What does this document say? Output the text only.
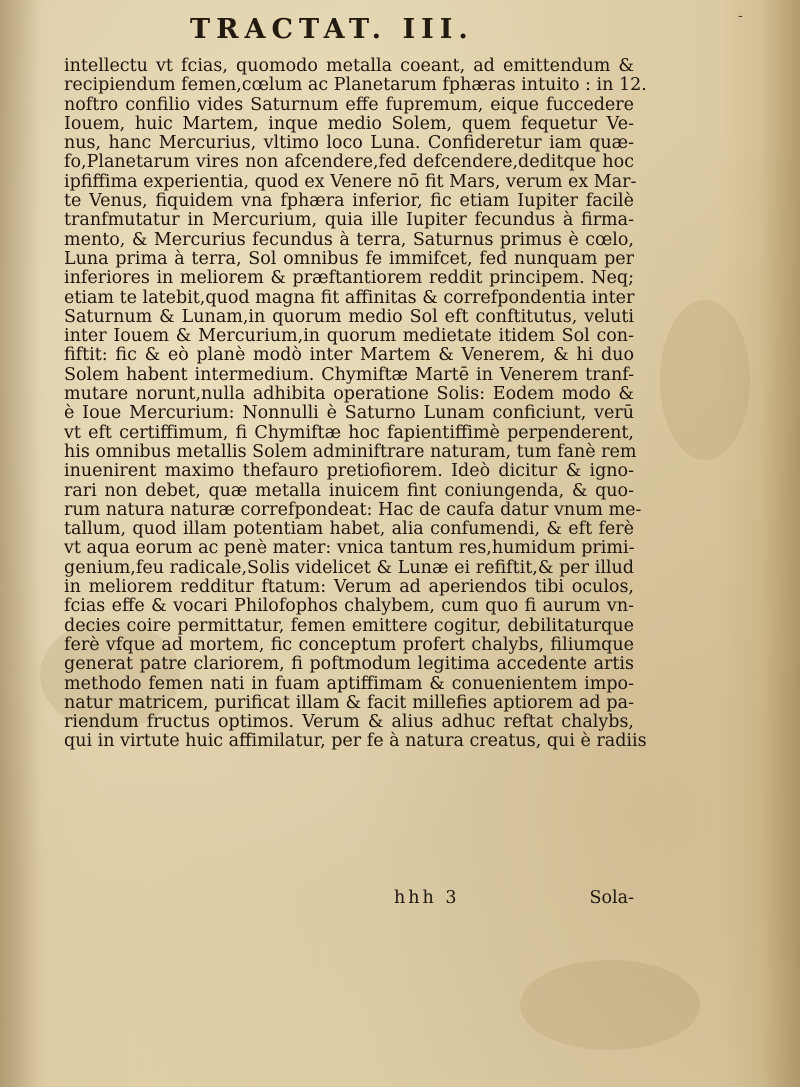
TRACTAT. III.	-
intellectu vt fcias, quomodo metalla coeant, ad emittendum &
recipiendum femen,cœlum ac Planetarum fphæras intuito : in 12.
noftro confilio vides Saturnum effe fupremum, eique fuccedere
Iouem, huic Martem, inque medio Solem, quem fequetur Ve-
nus, hanc Mercurius, vltimo loco Luna. Confideretur iam quæ-
fo,Planetarum vires non afcendere,fed defcendere,deditque hoc
ipfiffima experientia, quod ex Venere nō fit Mars, verum ex Mar-
te Venus, fiquidem vna fphæra inferior, fic etiam Iupiter facilè
tranfmutatur in Mercurium, quia ille Iupiter fecundus à firma-
mento, & Mercurius fecundus à terra, Saturnus primus è cœlo,
Luna prima à terra, Sol omnibus fe immifcet, fed nunquam per
inferiores in meliorem & præftantiorem reddit principem. Neq;
etiam te latebit,quod magna fit affinitas & correfpondentia inter
Saturnum & Lunam,in quorum medio Sol eft conftitutus, veluti
inter Iouem & Mercurium,in quorum medietate itidem Sol con-
fiftit: fic & eò planè modò inter Martem & Venerem, & hi duo
Solem habent intermedium. Chymiftæ Martē in Venerem tranf-
mutare norunt,nulla adhibita operatione Solis: Eodem modo &
è Ioue Mercurium: Nonnulli è Saturno Lunam conficiunt, verū
vt eft certiffimum, fi Chymiftæ hoc fapientiffimè perpenderent,
his omnibus metallis Solem adminiftrare naturam, tum fanè rem
inuenirent maximo thefauro pretiofiorem. Ideò dicitur & igno-
rari non debet, quæ metalla inuicem fint coniungenda, & quo-
rum natura naturæ correfpondeat: Hac de caufa datur vnum me-
tallum, quod illam potentiam habet, alia confumendi, & eft ferè
vt aqua eorum ac penè mater: vnica tantum res,humidum primi-
genium,feu radicale,Solis videlicet & Lunæ ei refiftit,& per illud
in meliorem redditur ftatum: Verum ad aperiendos tibi oculos,
fcias effe & vocari Philofophos chalybem, cum quo fi aurum vn-
decies coire permittatur, femen emittere cogitur, debilitaturque
ferè vfque ad mortem, fic conceptum profert chalybs, filiumque
generat patre clariorem, fi poftmodum legitima accedente artis
methodo femen nati in fuam aptiffimam & conuenientem impo-
natur matricem, purificat illam & facit millefies aptiorem ad pa-
riendum fructus optimos. Verum & alius adhuc reftat chalybs,
qui in virtute huic affimilatur, per fe à natura creatus, qui è radiis
hhh 3	Sola-
